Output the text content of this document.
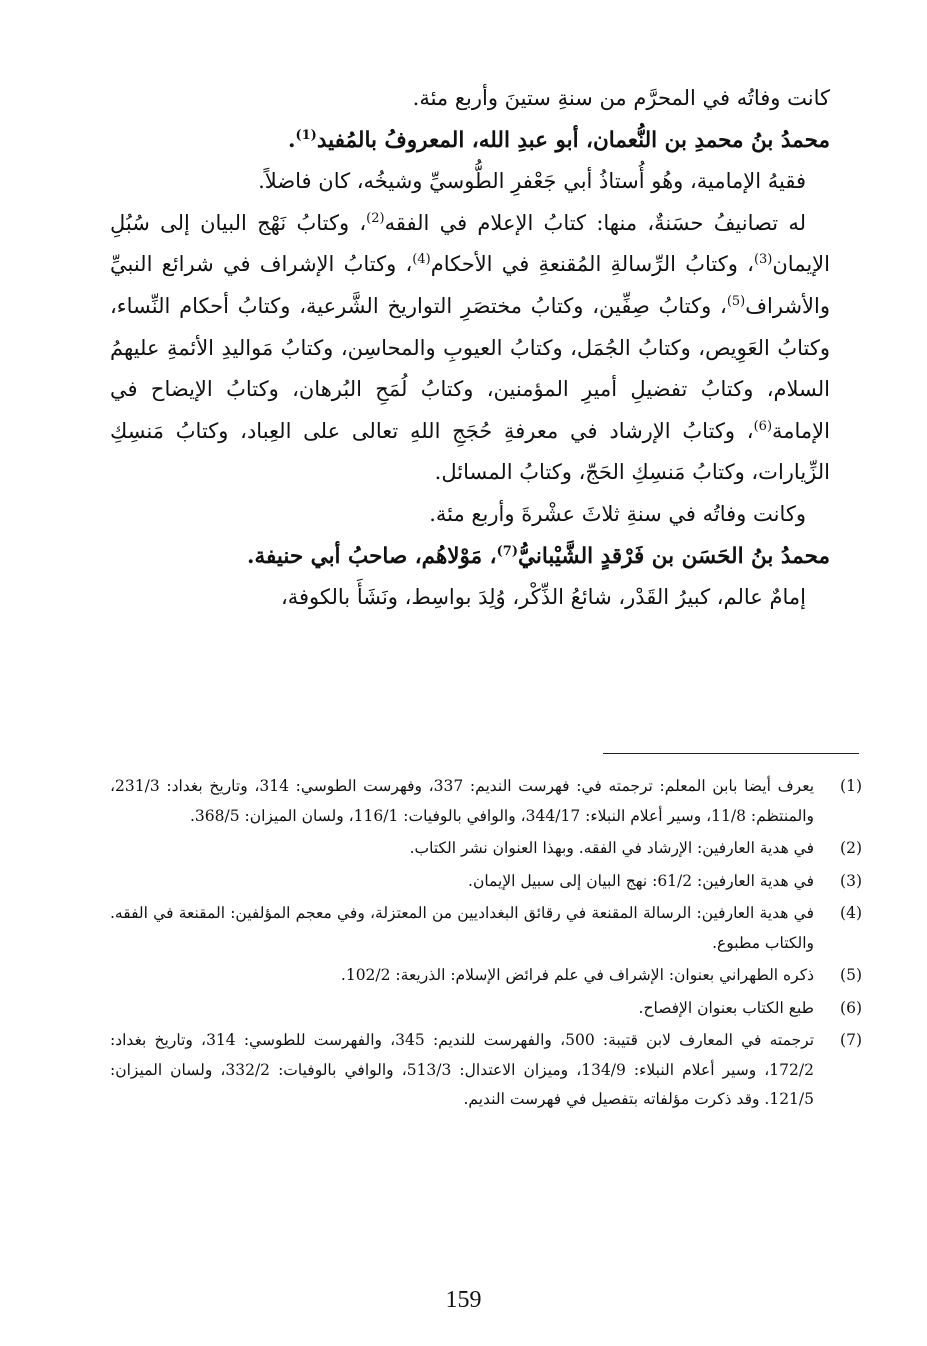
كانت وفاتُه في المحرَّم من سنةِ ستينَ وأربع مئة.

محمدُ بنُ محمدِ بن النُّعمان، أبو عبدِ الله، المعروفُ بالمُفيد$^{(1)}$.

فقيهُ الإمامية، وهُو أُستاذُ أبي جَعْفرِ الطُّوسيِّ وشيخُه، كان فاضلاً.

له تصانيفُ حسَنةٌ، منها: كتابُ الإعلام في الفقه$^{(2)}$، وكتابُ نَهْج البيان إلى سُبُلِ الإيمان$^{(3)}$، وكتابُ الرِّسالةِ المُقنعةِ في الأحكام$^{(4)}$، وكتابُ الإشراف في شرائع النبيِّ والأشراف$^{(5)}$، وكتابُ صِفِّين، وكتابُ مختصَرِ التواريخ الشَّرعية، وكتابُ أحكام النِّساء، وكتابُ العَوِيص، وكتابُ الجُمَل، وكتابُ العيوبِ والمحاسِن، وكتابُ مَواليدِ الأئمةِ عليهمُ السلام، وكتابُ تفضيلِ أميرِ المؤمنين، وكتابُ لُمَحِ البُرهان، وكتابُ الإيضاح في الإمامة$^{(6)}$، وكتابُ الإرشاد في معرفةِ حُجَجِ اللهِ تعالى على العِباد، وكتابُ مَنسِكِ الزِّيارات، وكتابُ مَنسِكِ الحَجّ، وكتابُ المسائل.

وكانت وفاتُه في سنةِ ثلاثَ عشْرةَ وأربع مئة.

محمدُ بنُ الحَسَن بن فَرْقدٍ الشَّيْبانيُّ$^{(7)}$، مَوْلاهُم، صاحبُ أبي حنيفة.

إمامٌ عالم، كبيرُ القَدْر، شائعُ الذِّكْر، وُلِدَ بواسِط، ونَشَأَ بالكوفة،

(1)
يعرف أيضا بابن المعلم: ترجمته في: فهرست النديم: 337، وفهرست الطوسي: 314، وتاريخ بغداد: 231/3، والمنتظم: 11/8، وسير أعلام النبلاء: 344/17، والوافي بالوفيات: 116/1، ولسان الميزان: 368/5.
(2)
في هدية العارفين: الإرشاد في الفقه. وبهذا العنوان نشر الكتاب.
(3)
في هدية العارفين: 61/2: نهج البيان إلى سبيل الإيمان.
(4)
في هدية العارفين: الرسالة المقنعة في رقائق البغداديين من المعتزلة، وفي معجم المؤلفين: المقنعة في الفقه. والكتاب مطبوع.
(5)
ذكره الطهراني بعنوان: الإشراف في علم فرائض الإسلام: الذريعة: 102/2.
(6)
طبع الكتاب بعنوان الإفصاح.
(7)
ترجمته في المعارف لابن قتيبة: 500، والفهرست للنديم: 345، والفهرست للطوسي: 314، وتاريخ بغداد: 172/2، وسير أعلام النبلاء: 134/9، وميزان الاعتدال: 513/3، والوافي بالوفيات: 332/2، ولسان الميزان: 121/5. وقد ذكرت مؤلفاته بتفصيل في فهرست النديم.
159
